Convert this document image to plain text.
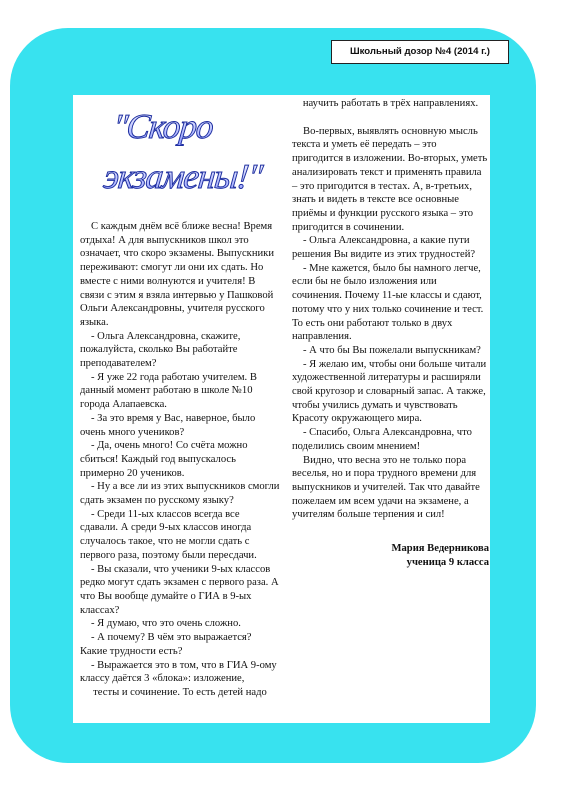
Школьный дозор №4 (2014 г.)
"Скоро
экзамены!"

С каждым днём всё ближе весна! Время отдыха! А для выпускников школ это означает, что скоро экзамены. Выпускники переживают: смогут ли они их сдать. Но вместе с ними волнуются и учителя! В связи с этим я взяла интервью у Пашковой Ольги Александровны, учителя русского языка.

- Ольга Александровна, скажите, пожалуйста, сколько Вы работайте преподавателем?

- Я уже 22 года работаю учителем. В данный момент работаю в школе №10 города Алапаевска.

- За это время у Вас, наверное, было очень много учеников?

- Да, очень много! Со счёта можно сбиться! Каждый год выпускалось примерно 20 учеников.

- Ну а все ли из этих выпускников смогли сдать экзамен по русскому языку?

- Среди 11-ых классов всегда все сдавали. А среди 9-ых классов иногда случалось такое, что не могли сдать с первого раза, поэтому были пересдачи.

- Вы сказали, что ученики 9-ых классов редко могут сдать экзамен с первого раза. А что Вы вообще думайте о ГИА в 9-ых классах?

- Я думаю, что это очень сложно.

- А почему? В чём это выражается? Какие трудности есть?

- Выражается это в том, что в ГИА 9-ому классу даётся 3 «блока»: изложение,

тесты и сочинение. То есть детей надо

научить работать в трёх направлениях.

Во-первых, выявлять основную мысль текста и уметь её передать – это пригодится в изложении. Во-вторых, уметь анализировать текст и применять правила – это пригодится в тестах. А, в-третьих, знать и видеть в тексте все основные приёмы и функции русского языка – это пригодится в сочинении.

- Ольга Александровна, а какие пути решения Вы видите из этих трудностей?

- Мне кажется, было бы намного легче, если бы не было изложения или сочинения. Почему 11-ые классы и сдают, потому что у них только сочинение и тест. То есть они работают только в двух направления.

- А что бы Вы пожелали выпускникам?

- Я желаю им, чтобы они больше читали художественной литературы и расширяли свой кругозор и словарный запас. А также, чтобы учились думать и чувствовать Красоту окружающего мира.

- Спасибо, Ольга Александровна, что поделились своим мнением!

Видно, что весна это не только пора веселья, но и пора трудного времени для выпускников и учителей. Так что давайте пожелаем им всем удачи на экзамене, а учителям больше терпения и сил!

Мария Ведерникова

ученица 9 класса
